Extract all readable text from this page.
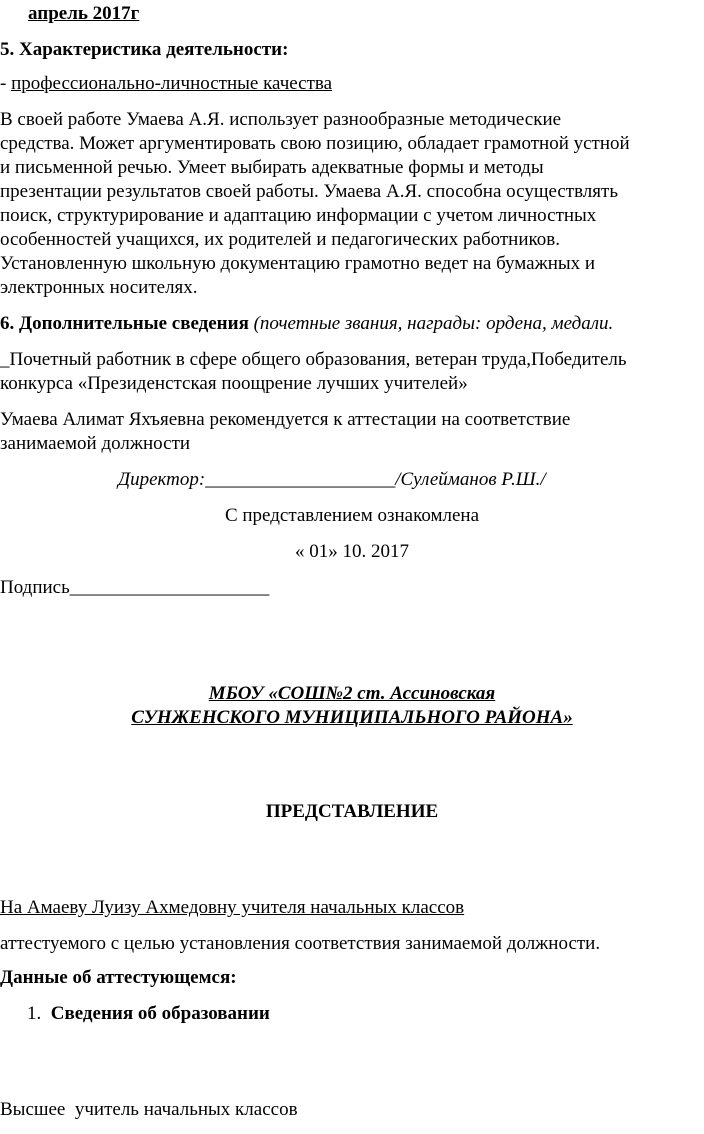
апрель 2017г
5. Характеристика деятельности:
- профессионально-личностные качества
В своей работе Умаева А.Я. использует разнообразные методические
средства. Может аргументировать свою позицию, обладает грамотной устной
и письменной речью. Умеет выбирать адекватные формы и методы
презентации результатов своей работы. Умаева А.Я. способна осуществлять
поиск, структурирование и адаптацию информации с учетом личностных
особенностей учащихся, их родителей и педагогических работников.
Установленную школьную документацию грамотно ведет на бумажных и
электронных носителях.
6. Дополнительные сведения (почетные звания, награды: ордена, медали.
_Почетный работник в сфере общего образования, ветеран труда,Победитель
конкурса «Президенстская поощрение лучших учителей»
Умаева Алимат Яхъяевна рекомендуется к аттестации на соответствие
занимаемой должности
Директор:____________________/Сулейманов Р.Ш./
С представлением ознакомлена
« 01» 10. 2017
Подпись_____________________
МБОУ «СОШ№2 ст. Ассиновская
СУНЖЕНСКОГО МУНИЦИПАЛЬНОГО РАЙОНА»
ПРЕДСТАВЛЕНИЕ
На Амаеву Луизу Ахмедовну учителя начальных классов
аттестуемого с целью установления соответствия занимаемой должности.
Данные об аттестующемся:
1. Сведения об образовании
Высшее  учитель начальных классов
